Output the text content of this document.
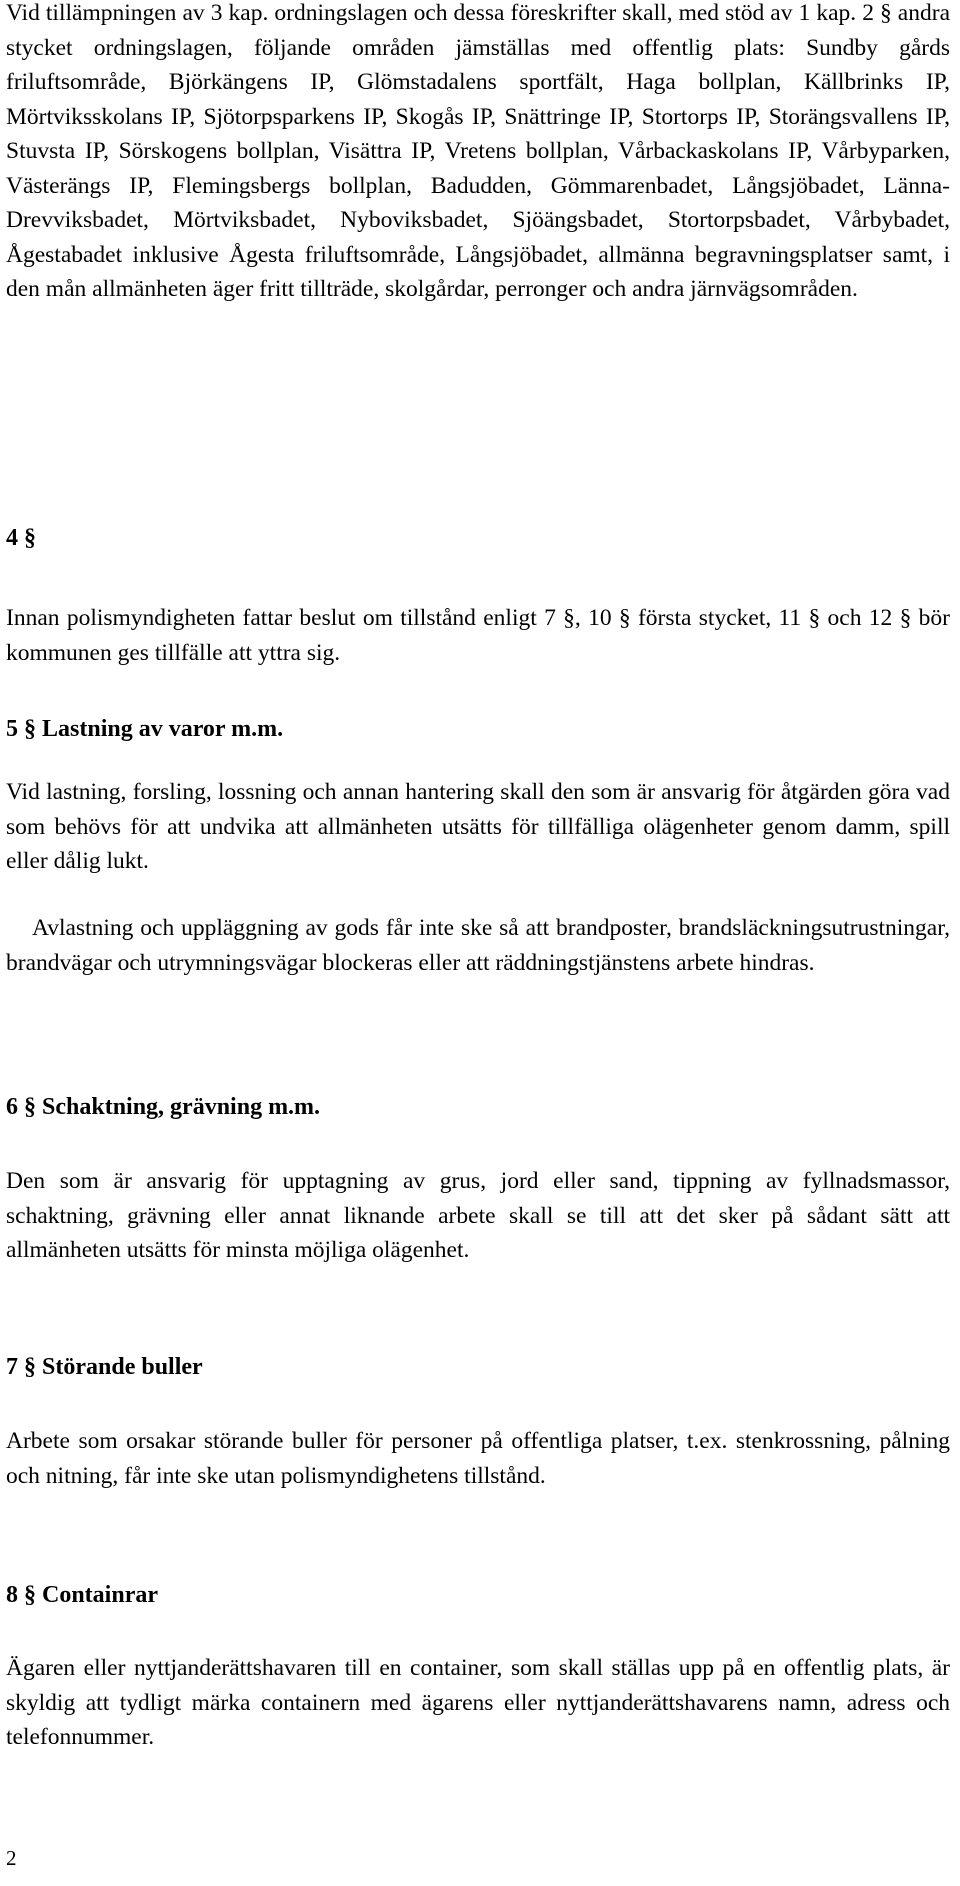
Vid tillämpningen av 3 kap. ordningslagen och dessa föreskrifter skall, med stöd av 1 kap. 2 § andra stycket ordningslagen, följande områden jämställas med offentlig plats: Sundby gårds friluftsområde, Björkängens IP, Glömstadalens sportfält, Haga bollplan, Källbrinks IP, Mörtviksskolans IP, Sjötorpsparkens IP, Skogås IP, Snättringe IP, Stortorps IP, Storängsvallens IP, Stuvsta IP, Sörskogens bollplan, Visättra IP, Vretens bollplan, Vårbackaskolans IP, Vårbyparken, Västerängs IP, Flemingsbergs bollplan, Badudden, Gömmarenbadet, Långsjöbadet, Länna-Drevviksbadet, Mörtviksbadet, Nyboviksbadet, Sjöängsbadet, Stortorpsbadet, Vårbybadet, Ågestabadet inklusive Ågesta friluftsområde, Långsjöbadet, allmänna begravningsplatser samt, i den mån allmänheten äger fritt tillträde, skolgårdar, perronger och andra järnvägsområden.

4 §

Innan polismyndigheten fattar beslut om tillstånd enligt 7 §, 10 § första stycket, 11 § och 12 § bör kommunen ges tillfälle att yttra sig.

5 § Lastning av varor m.m.

Vid lastning, forsling, lossning och annan hantering skall den som är ansvarig för åtgärden göra vad som behövs för att undvika att allmänheten utsätts för tillfälliga olägenheter genom damm, spill eller dålig lukt.

Avlastning och uppläggning av gods får inte ske så att brandposter, brandsläckningsutrustningar, brandvägar och utrymningsvägar blockeras eller att räddningstjänstens arbete hindras.

6 § Schaktning, grävning m.m.

Den som är ansvarig för upptagning av grus, jord eller sand, tippning av fyllnadsmassor, schaktning, grävning eller annat liknande arbete skall se till att det sker på sådant sätt att allmänheten utsätts för minsta möjliga olägenhet.

7 § Störande buller

Arbete som orsakar störande buller för personer på offentliga platser, t.ex. stenkrossning, pålning och nitning, får inte ske utan polismyndighetens tillstånd.

8 § Containrar

Ägaren eller nyttjanderättshavaren till en container, som skall ställas upp på en offentlig plats, är skyldig att tydligt märka containern med ägarens eller nyttjanderättshavarens namn, adress och telefonnummer.

2
